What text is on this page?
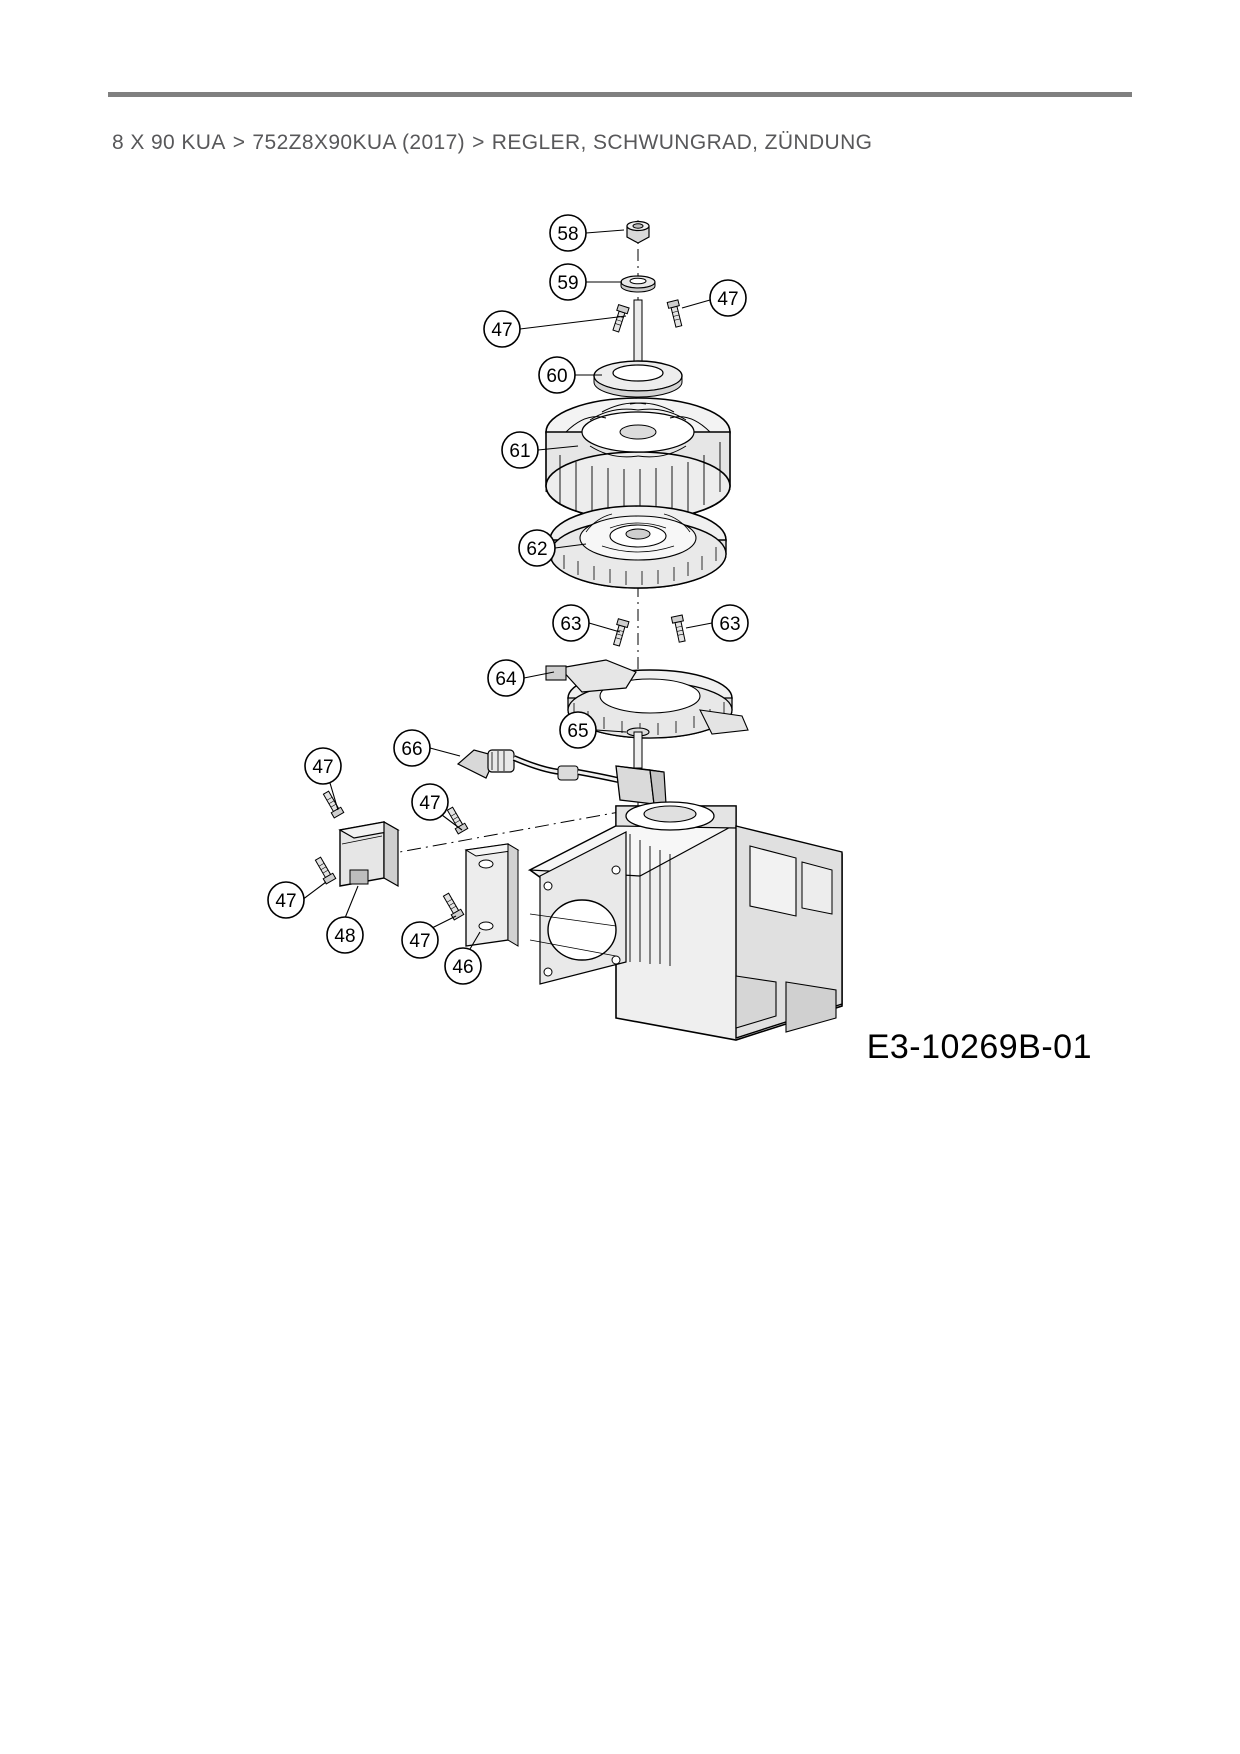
8 X 90 KUA > 752Z8X90KUA (2017) > REGLER, SCHWUNGRAD, ZÜNDUNG
58
59
47
47
60
61
62
63	63
64
65
66
47
47
47
48	47
46
E3-10269B-01
